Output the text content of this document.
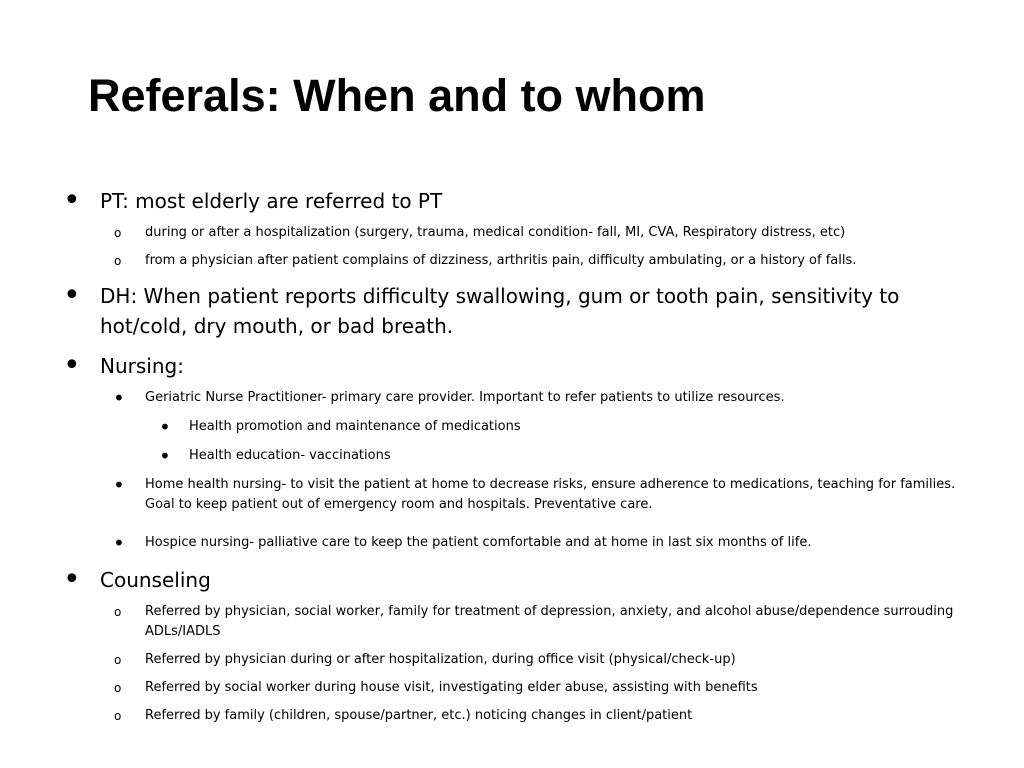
Referals: When and to whom
• PT: most elderly are referred to PT
o during or after a hospitalization (surgery, trauma, medical condition- fall, MI, CVA, Respiratory distress, etc)
o from a physician after patient complains of dizziness, arthritis pain, difficulty ambulating, or a history of falls.
• DH: When patient reports difficulty swallowing, gum or tooth pain, sensitivity to hot/cold, dry mouth, or bad breath.
• Nursing:
• Geriatric Nurse Practitioner- primary care provider. Important to refer patients to utilize resources.
• Health promotion and maintenance of medications
• Health education- vaccinations
• Home health nursing- to visit the patient at home to decrease risks, ensure adherence to medications, teaching for families. Goal to keep patient out of emergency room and hospitals. Preventative care.
• Hospice nursing- palliative care to keep the patient comfortable and at home in last six months of life.
• Counseling
o Referred by physician, social worker, family for treatment of depression, anxiety, and alcohol abuse/dependence surrouding ADLs/IADLS
o Referred by physician during or after hospitalization, during office visit (physical/check-up)
o Referred by social worker during house visit, investigating elder abuse, assisting with benefits
o Referred by family (children, spouse/partner, etc.) noticing changes in client/patient
